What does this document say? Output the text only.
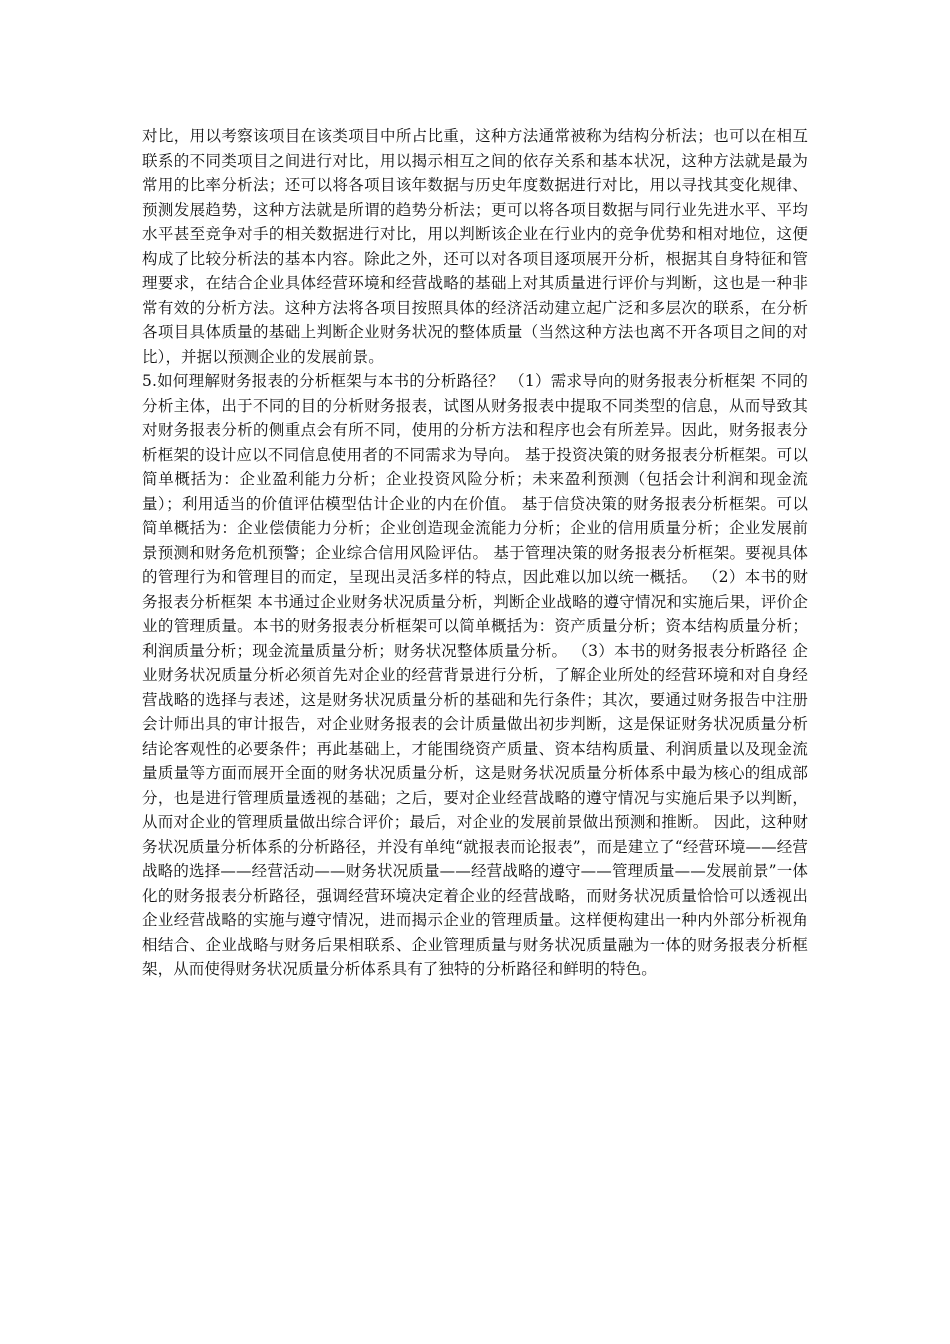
对比，用以考察该项目在该类项目中所占比重，这种方法通常被称为结构分析法；也可以在相互联系的不同类项目之间进行对比，用以揭示相互之间的依存关系和基本状况，这种方法就是最为常用的比率分析法；还可以将各项目该年数据与历史年度数据进行对比，用以寻找其变化规律、预测发展趋势，这种方法就是所谓的趋势分析法；更可以将各项目数据与同行业先进水平、平均水平甚至竞争对手的相关数据进行对比，用以判断该企业在行业内的竞争优势和相对地位，这便构成了比较分析法的基本内容。除此之外，还可以对各项目逐项展开分析，根据其自身特征和管理要求，在结合企业具体经营环境和经营战略的基础上对其质量进行评价与判断，这也是一种非常有效的分析方法。这种方法将各项目按照具体的经济活动建立起广泛和多层次的联系，在分析各项目具体质量的基础上判断企业财务状况的整体质量（当然这种方法也离不开各项目之间的对比），并据以预测企业的发展前景。

5.如何理解财务报表的分析框架与本书的分析路径？ （1）需求导向的财务报表分析框架 不同的分析主体，出于不同的目的分析财务报表，试图从财务报表中提取不同类型的信息，从而导致其对财务报表分析的侧重点会有所不同，使用的分析方法和程序也会有所差异。因此，财务报表分析框架的设计应以不同信息使用者的不同需求为导向。 基于投资决策的财务报表分析框架。可以简单概括为：企业盈利能力分析；企业投资风险分析；未来盈利预测（包括会计利润和现金流量）；利用适当的价值评估模型估计企业的内在价值。 基于信贷决策的财务报表分析框架。可以简单概括为：企业偿债能力分析；企业创造现金流能力分析；企业的信用质量分析；企业发展前景预测和财务危机预警；企业综合信用风险评估。 基于管理决策的财务报表分析框架。要视具体的管理行为和管理目的而定，呈现出灵活多样的特点，因此难以加以统一概括。 （2）本书的财务报表分析框架 本书通过企业财务状况质量分析，判断企业战略的遵守情况和实施后果，评价企业的管理质量。本书的财务报表分析框架可以简单概括为：资产质量分析；资本结构质量分析；利润质量分析；现金流量质量分析；财务状况整体质量分析。 （3）本书的财务报表分析路径 企业财务状况质量分析必须首先对企业的经营背景进行分析，了解企业所处的经营环境和对自身经营战略的选择与表述，这是财务状况质量分析的基础和先行条件；其次，要通过财务报告中注册会计师出具的审计报告，对企业财务报表的会计质量做出初步判断，这是保证财务状况质量分析结论客观性的必要条件；再此基础上，才能围绕资产质量、资本结构质量、利润质量以及现金流量质量等方面而展开全面的财务状况质量分析，这是财务状况质量分析体系中最为核心的组成部分，也是进行管理质量透视的基础；之后，要对企业经营战略的遵守情况与实施后果予以判断，从而对企业的管理质量做出综合评价；最后，对企业的发展前景做出预测和推断。 因此，这种财务状况质量分析体系的分析路径，并没有单纯“就报表而论报表”，而是建立了“经营环境——经营战略的选择——经营活动——财务状况质量——经营战略的遵守——管理质量——发展前景”一体化的财务报表分析路径，强调经营环境决定着企业的经营战略，而财务状况质量恰恰可以透视出企业经营战略的实施与遵守情况，进而揭示企业的管理质量。这样便构建出一种内外部分析视角相结合、企业战略与财务后果相联系、企业管理质量与财务状况质量融为一体的财务报表分析框架，从而使得财务状况质量分析体系具有了独特的分析路径和鲜明的特色。
